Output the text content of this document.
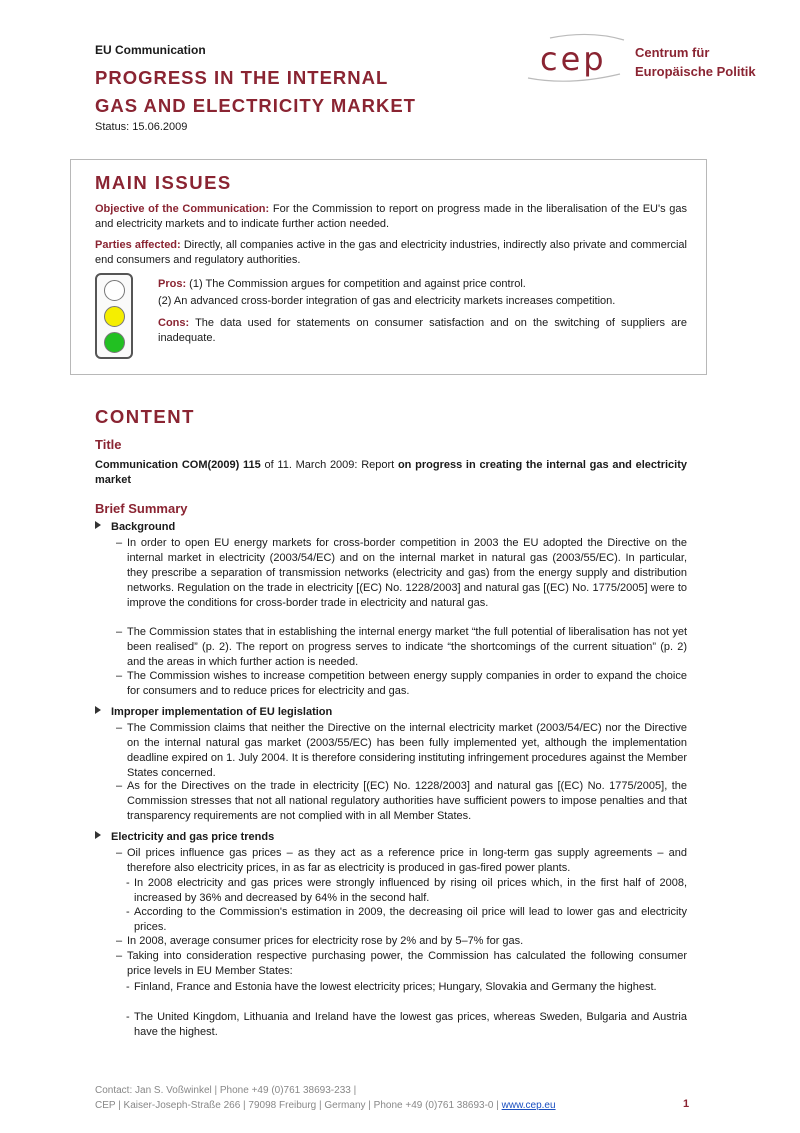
EU Communication
PROGRESS IN THE INTERNAL
GAS AND ELECTRICITY MARKET
Status: 15.06.2009
cep Centrum für
Europäische Politik
MAIN ISSUES
Objective of the Communication: For the Commission to report on progress made in the liberalisation of the EU's gas and electricity markets and to indicate further action needed.
Parties affected: Directly, all companies active in the gas and electricity industries, indirectly also private and commercial end consumers and regulatory authorities.
Pros: (1) The Commission argues for competition and against price control.
(2) An advanced cross-border integration of gas and electricity markets increases competition.
Cons: The data used for statements on consumer satisfaction and on the switching of suppliers are inadequate.
CONTENT
Title
Communication COM(2009) 115 of 11. March 2009: Report on progress in creating the internal gas and electricity market
Brief Summary
Background
– In order to open EU energy markets for cross-border competition in 2003 the EU adopted the Directive on the internal market in electricity (2003/54/EC) and on the internal market in natural gas (2003/55/EC). In particular, they prescribe a separation of transmission networks (electricity and gas) from the energy supply and distribution networks. Regulation on the trade in electricity [(EC) No. 1228/2003] and natural gas [(EC) No. 1775/2005] were to improve the conditions for cross-border trade in electricity and natural gas.
– The Commission states that in establishing the internal energy market “the full potential of liberalisation has not yet been realised” (p. 2). The report on progress serves to indicate “the shortcomings of the current situation” (p. 2) and the areas in which further action is needed.
– The Commission wishes to increase competition between energy supply companies in order to expand the choice for consumers and to reduce prices for electricity and gas.
Improper implementation of EU legislation
– The Commission claims that neither the Directive on the internal electricity market (2003/54/EC) nor the Directive on the internal natural gas market (2003/55/EC) has been fully implemented yet, although the implementation deadline expired on 1. July 2004. It is therefore considering instituting infringement procedures against the Member States concerned.
– As for the Directives on the trade in electricity [(EC) No. 1228/2003] and natural gas [(EC) No. 1775/2005], the Commission stresses that not all national regulatory authorities have sufficient powers to impose penalties and that transparency requirements are not complied with in all Member States.
Electricity and gas price trends
– Oil prices influence gas prices – as they act as a reference price in long-term gas supply agreements – and therefore also electricity prices, in as far as electricity is produced in gas-fired power plants.
- In 2008 electricity and gas prices were strongly influenced by rising oil prices which, in the first half of 2008, increased by 36% and decreased by 64% in the second half.
- According to the Commission's estimation in 2009, the decreasing oil price will lead to lower gas and electricity prices.
– In 2008, average consumer prices for electricity rose by 2% and by 5–7% for gas.
– Taking into consideration respective purchasing power, the Commission has calculated the following consumer price levels in EU Member States:
- Finland, France and Estonia have the lowest electricity prices; Hungary, Slovakia and Germany the highest.
- The United Kingdom, Lithuania and Ireland have the lowest gas prices, whereas Sweden, Bulgaria and Austria have the highest.
Contact: Jan S. Voßwinkel | Phone +49 (0)761 38693-233 |
CEP | Kaiser-Joseph-Straße 266 | 79098 Freiburg | Germany | Phone +49 (0)761 38693-0 | www.cep.eu	1
